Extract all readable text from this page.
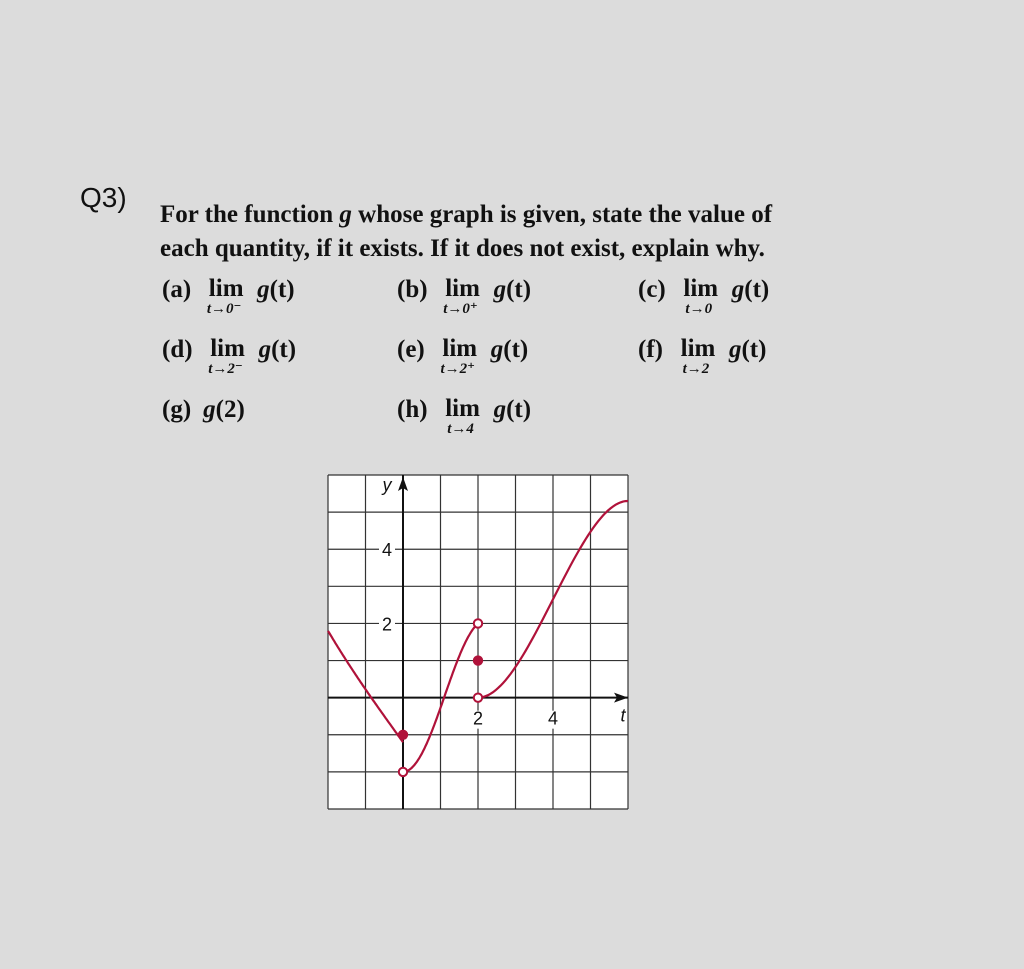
Q3)
For the function g whose graph is given, state the value of
each quantity, if it exists. If it does not exist, explain why.
(a) lim
t→0⁻
g(t)	(b) lim
t→0⁺
g(t)	(c) lim
t→0
g(t)
(d) lim
t→2⁻
g(t)	(e) lim
t→2⁺
g(t)	(f) lim
t→2
g(t)
(g) g(2)	(h) lim
t→4
g(t)
y
t
2	4
4
2
